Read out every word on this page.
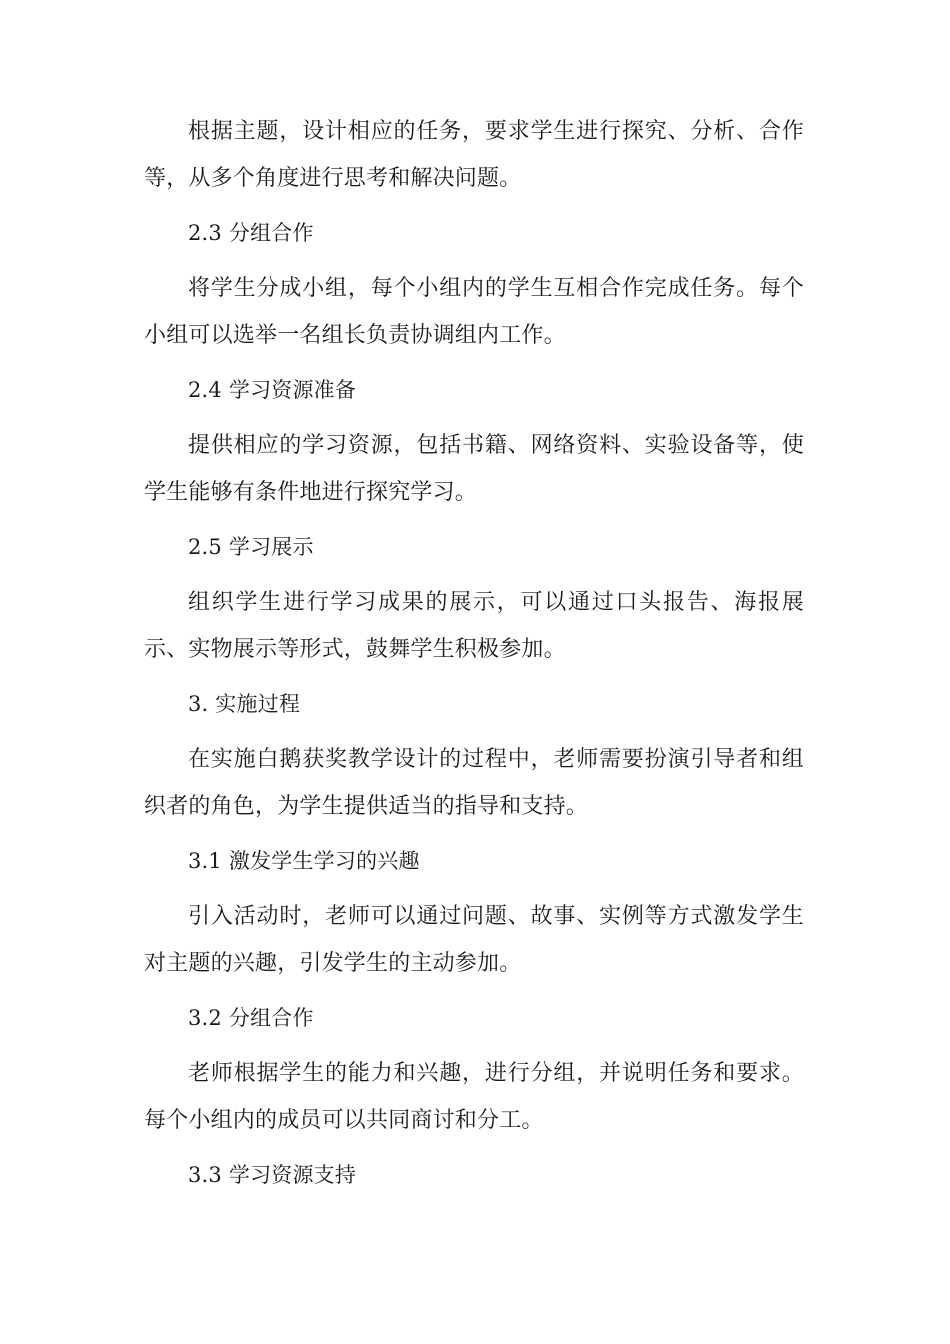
根据主题，设计相应的任务，要求学生进行探究、分析、合作等，从多个角度进行思考和解决问题。

2.3 分组合作

将学生分成小组，每个小组内的学生互相合作完成任务。每个小组可以选举一名组长负责协调组内工作。

2.4 学习资源准备

提供相应的学习资源，包括书籍、网络资料、实验设备等，使学生能够有条件地进行探究学习。

2.5 学习展示

组织学生进行学习成果的展示，可以通过口头报告、海报展示、实物展示等形式，鼓舞学生积极参加。

3. 实施过程

在实施白鹅获奖教学设计的过程中，老师需要扮演引导者和组织者的角色，为学生提供适当的指导和支持。

3.1 激发学生学习的兴趣

引入活动时，老师可以通过问题、故事、实例等方式激发学生对主题的兴趣，引发学生的主动参加。

3.2 分组合作

老师根据学生的能力和兴趣，进行分组，并说明任务和要求。每个小组内的成员可以共同商讨和分工。

3.3 学习资源支持
